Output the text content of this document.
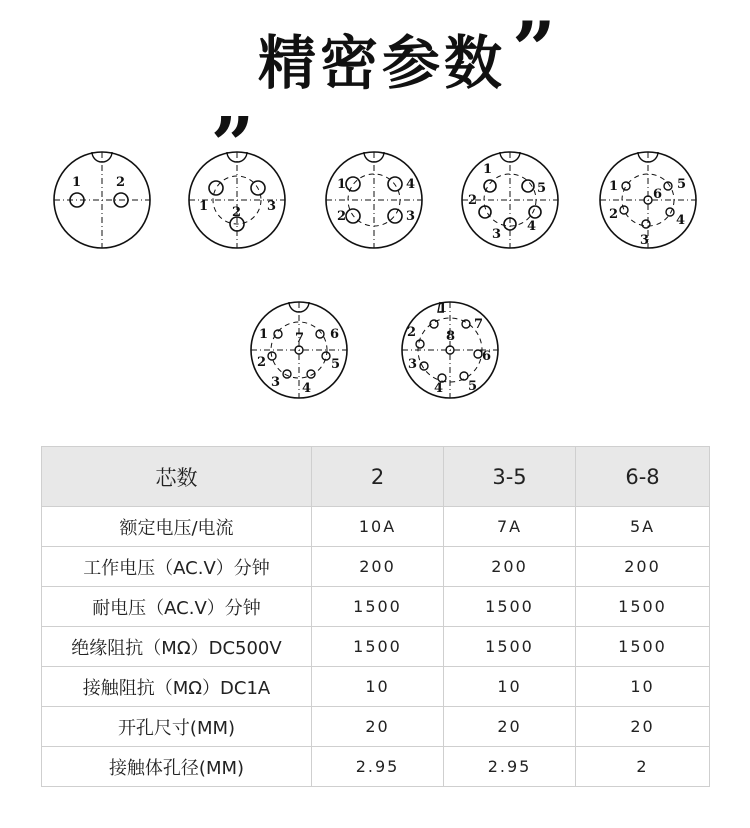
„ 精密参数 ”
1	2
1 2 3
1
2	3
4
1
2
3
4
5	1
2
3
4
5
6
1
2
3 4
5
6
7
1
2
3
4 5
6
7
8
芯数	2	3-5	6-8
额定电压/电流	10A	7A	5A
工作电压（AC.V）分钟	200	200	200
耐电压（AC.V）分钟	1500	1500	1500
绝缘阻抗（MΩ）DC500V	1500	1500	1500
接触阻抗（MΩ）DC1A	10	10	10
开孔尺寸(MM)	20	20	20
接触体孔径(MM)	2.95	2.95	2
